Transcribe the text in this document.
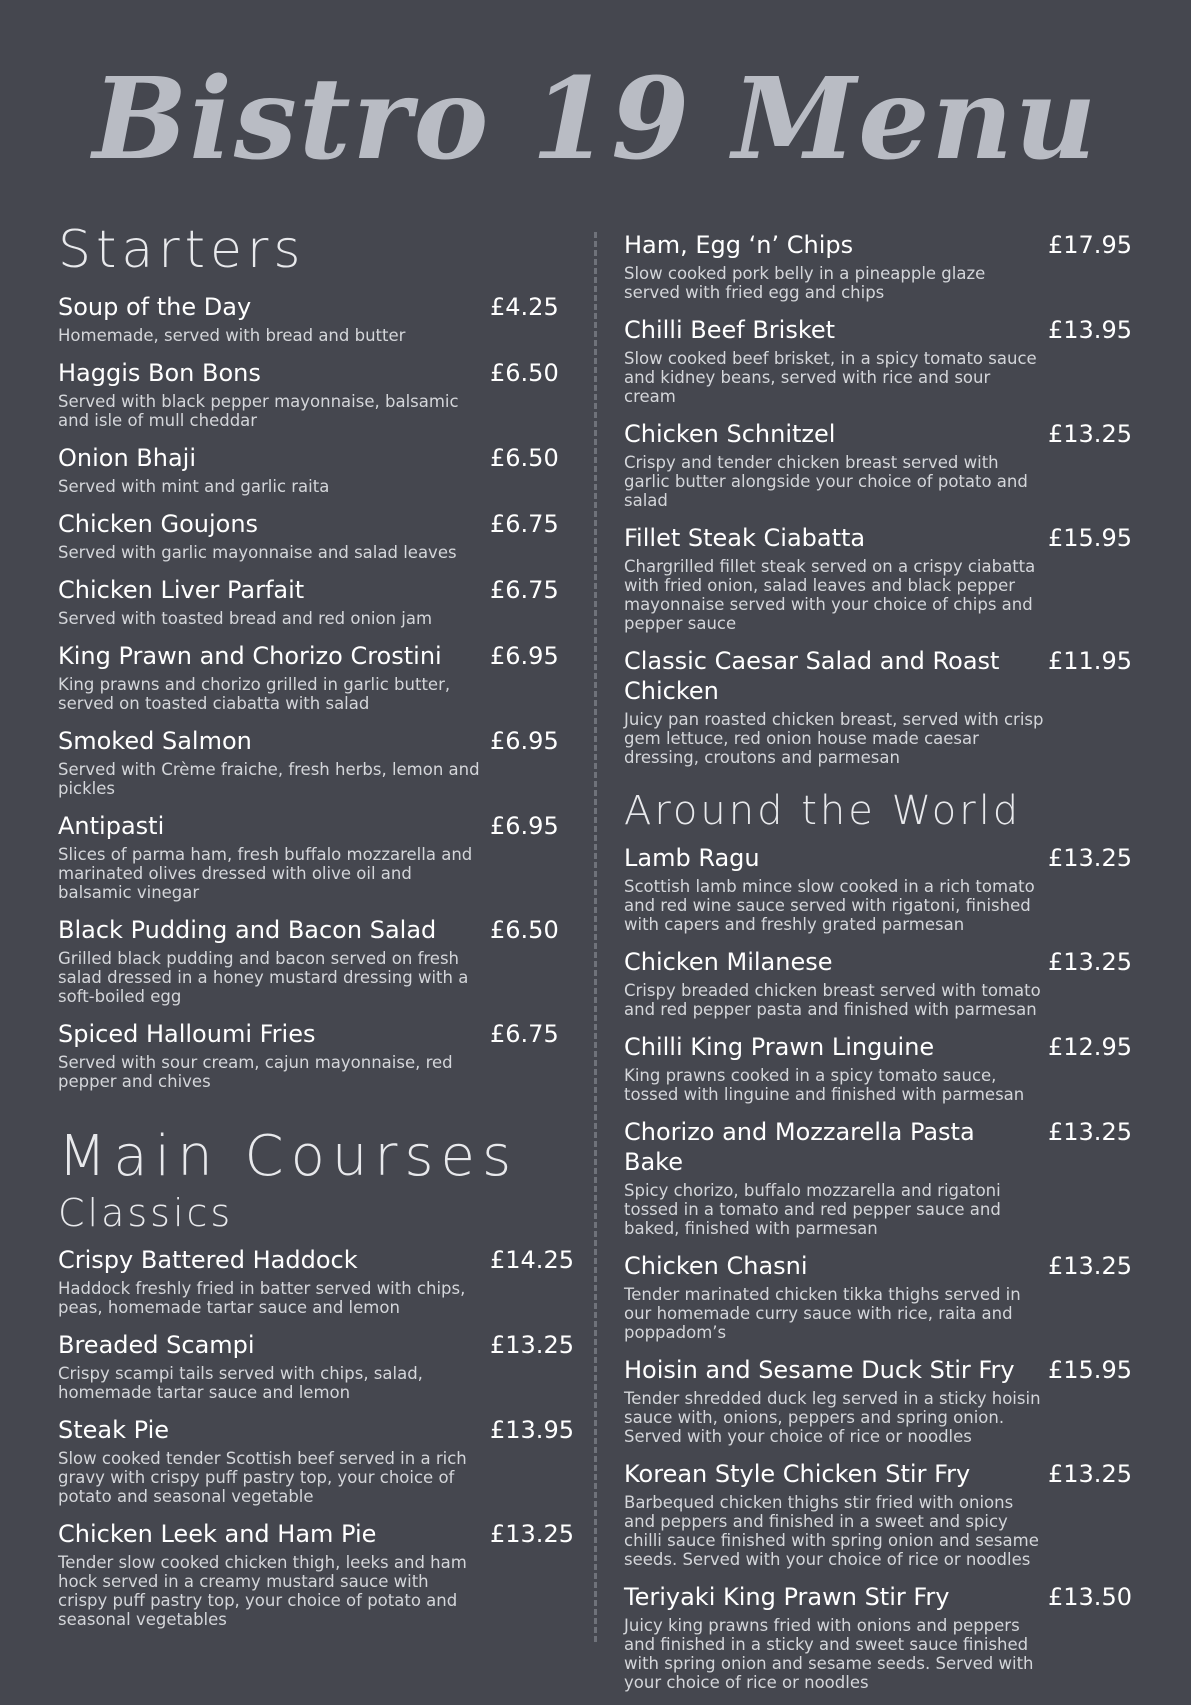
Bistro 19 Menu
Starters
Soup of the Day	£4.25
Homemade, served with bread and butter
Haggis Bon Bons	£6.50
Served with black pepper mayonnaise, balsamic and isle of mull cheddar
Onion Bhaji	£6.50
Served with mint and garlic raita
Chicken Goujons	£6.75
Served with garlic mayonnaise and salad leaves
Chicken Liver Parfait	£6.75
Served with toasted bread and red onion jam
King Prawn and Chorizo Crostini	£6.95
King prawns and chorizo grilled in garlic butter, served on toasted ciabatta with salad
Smoked Salmon	£6.95
Served with Crème fraiche, fresh herbs, lemon and pickles
Antipasti	£6.95
Slices of parma ham, fresh buffalo mozzarella and marinated olives dressed with olive oil and balsamic vinegar
Black Pudding and Bacon Salad	£6.50
Grilled black pudding and bacon served on fresh salad dressed in a honey mustard dressing with a soft-boiled egg
Spiced Halloumi Fries	£6.75
Served with sour cream, cajun mayonnaise, red pepper and chives
Main Courses
Classics
Crispy Battered Haddock	£14.25
Haddock freshly fried in batter served with chips, peas, homemade tartar sauce and lemon
Breaded Scampi	£13.25
Crispy scampi tails served with chips, salad, homemade tartar sauce and lemon
Steak Pie	£13.95
Slow cooked tender Scottish beef served in a rich gravy with crispy puff pastry top, your choice of potato and seasonal vegetable
Chicken Leek and Ham Pie	£13.25
Tender slow cooked chicken thigh, leeks and ham hock served in a creamy mustard sauce with crispy puff pastry top, your choice of potato and seasonal vegetables
Ham, Egg ‘n’ Chips	£17.95
Slow cooked pork belly in a pineapple glaze served with fried egg and chips
Chilli Beef Brisket	£13.95
Slow cooked beef brisket, in a spicy tomato sauce and kidney beans, served with rice and sour cream
Chicken Schnitzel	£13.25
Crispy and tender chicken breast served with garlic butter alongside your choice of potato and salad
Fillet Steak Ciabatta	£15.95
Chargrilled fillet steak served on a crispy ciabatta with fried onion, salad leaves and black pepper mayonnaise served with your choice of chips and pepper sauce
Classic Caesar Salad and Roast Chicken
£11.95
Juicy pan roasted chicken breast, served with crisp gem lettuce, red onion house made caesar dressing, croutons and parmesan
Around the World
Lamb Ragu	£13.25
Scottish lamb mince slow cooked in a rich tomato and red wine sauce served with rigatoni, finished with capers and freshly grated parmesan
Chicken Milanese	£13.25
Crispy breaded chicken breast served with tomato and red pepper pasta and finished with parmesan
Chilli King Prawn Linguine	£12.95
King prawns cooked in a spicy tomato sauce, tossed with linguine and finished with parmesan
Chorizo and Mozzarella Pasta Bake
£13.25
Spicy chorizo, buffalo mozzarella and rigatoni tossed in a tomato and red pepper sauce and baked, finished with parmesan
Chicken Chasni	£13.25
Tender marinated chicken tikka thighs served in our homemade curry sauce with rice, raita and poppadom’s
Hoisin and Sesame Duck Stir Fry	£15.95
Tender shredded duck leg served in a sticky hoisin sauce with, onions, peppers and spring onion. Served with your choice of rice or noodles
Korean Style Chicken Stir Fry	£13.25
Barbequed chicken thighs stir fried with onions and peppers and finished in a sweet and spicy chilli sauce finished with spring onion and sesame seeds. Served with your choice of rice or noodles
Teriyaki King Prawn Stir Fry	£13.50
Juicy king prawns fried with onions and peppers and finished in a sticky and sweet sauce finished with spring onion and sesame seeds. Served with your choice of rice or noodles
